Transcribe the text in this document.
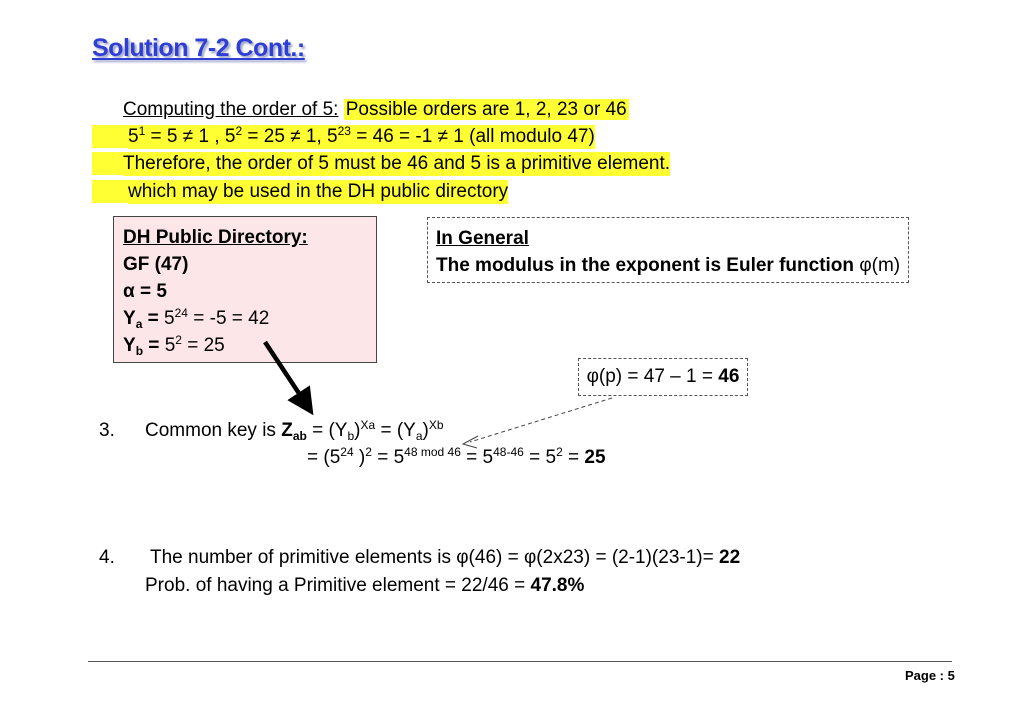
Solution 7-2 Cont.:
Computing the order of 5: Possible orders are 1, 2, 23 or 46
$5^1 = 5 \ne 1$ , $5^2 = 25 \ne 1$, $5^{23} = 46 = -1 \ne 1$ (all modulo 47)
Therefore, the order of 5 must be 46 and 5 is a primitive element.
which may be used in the DH public directory
DH Public Directory:
GF (47)
α = 5
$Y_a = 5^{24} = -5 = 42$
$Y_b = 5^2 = 25$
In General
The modulus in the exponent is Euler function φ(m)
φ(p) = 47 – 1 = 46
3. Common key is $Z_{ab} = (Y_b)^{Xa} = (Y_a)^{Xb}$
= ($5^{24}$ )$^2 = 5^{48 mod 46} = 5^{48-46} = 5^2 = 25$
4. The number of primitive elements is φ(46) = φ(2x23) = (2-1)(23-1)= 22
Prob. of having a Primitive element = 22/46 = 47.8%
Page : 5
